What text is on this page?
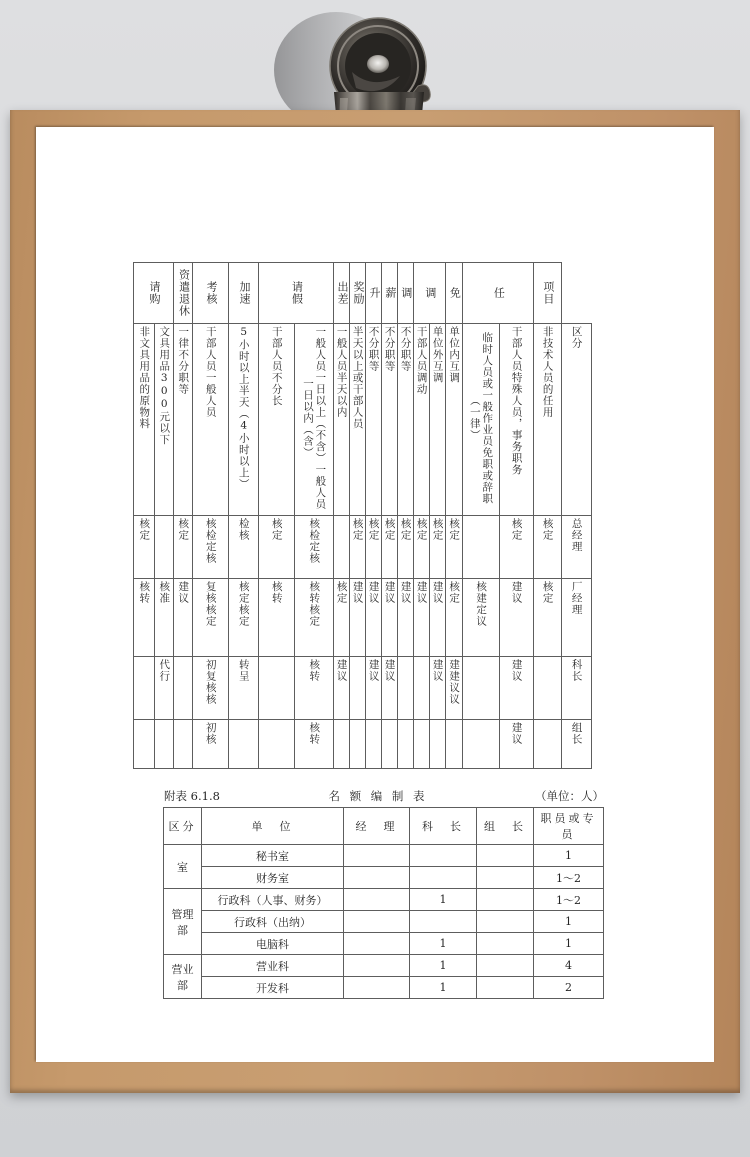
请购		资遣退休	考核	加速	请假		出差	奖励	升	薪	调	调		免	任		项目	

非文具用品的原物料	文具用品300元以下	一律不分职等	干部人员一般人员	5小时以上半天（4小时以上）	干部人员不分长	一般人员一日以上（不含）一般人员一日以内（含）	一般人员半天以内	半天以上或干部人员	不分职等	不分职等	不分职等	干部人员调动	单位外互调	单位内互调	临时人员或一般作业员免职或辞职（一律）	干部人员特殊人员，事务职务	非技术人员的任用	区分
核定		核定	核检定核	检核	核定	核检定核		核定	核定	核定	核定	核定	核定	核定		核定	核定	总经理
核转	核准	建议	复核核定	核定核定	核转	核转核定	核定	建议	建议	建议	建议	建议	建议	核定	核建定议	建议	核定	厂经理
	代行		初复核核	转呈		核转	建议		建议	建议			建议	建建议议		建议		科长
			初核			核转										建议		组长
附表 6.1.8	名 额 编 制 表	（单位：人）
区分	单　位	经　理	科　长	组　长	职员或专员
室	秘书室				1
	财务室				1～2
管理部	行政科（人事、财务）		1		1～2
	行政科（出纳）				1
	电脑科		1		1
营业部	营业科		1		4
	开发科		1		2
